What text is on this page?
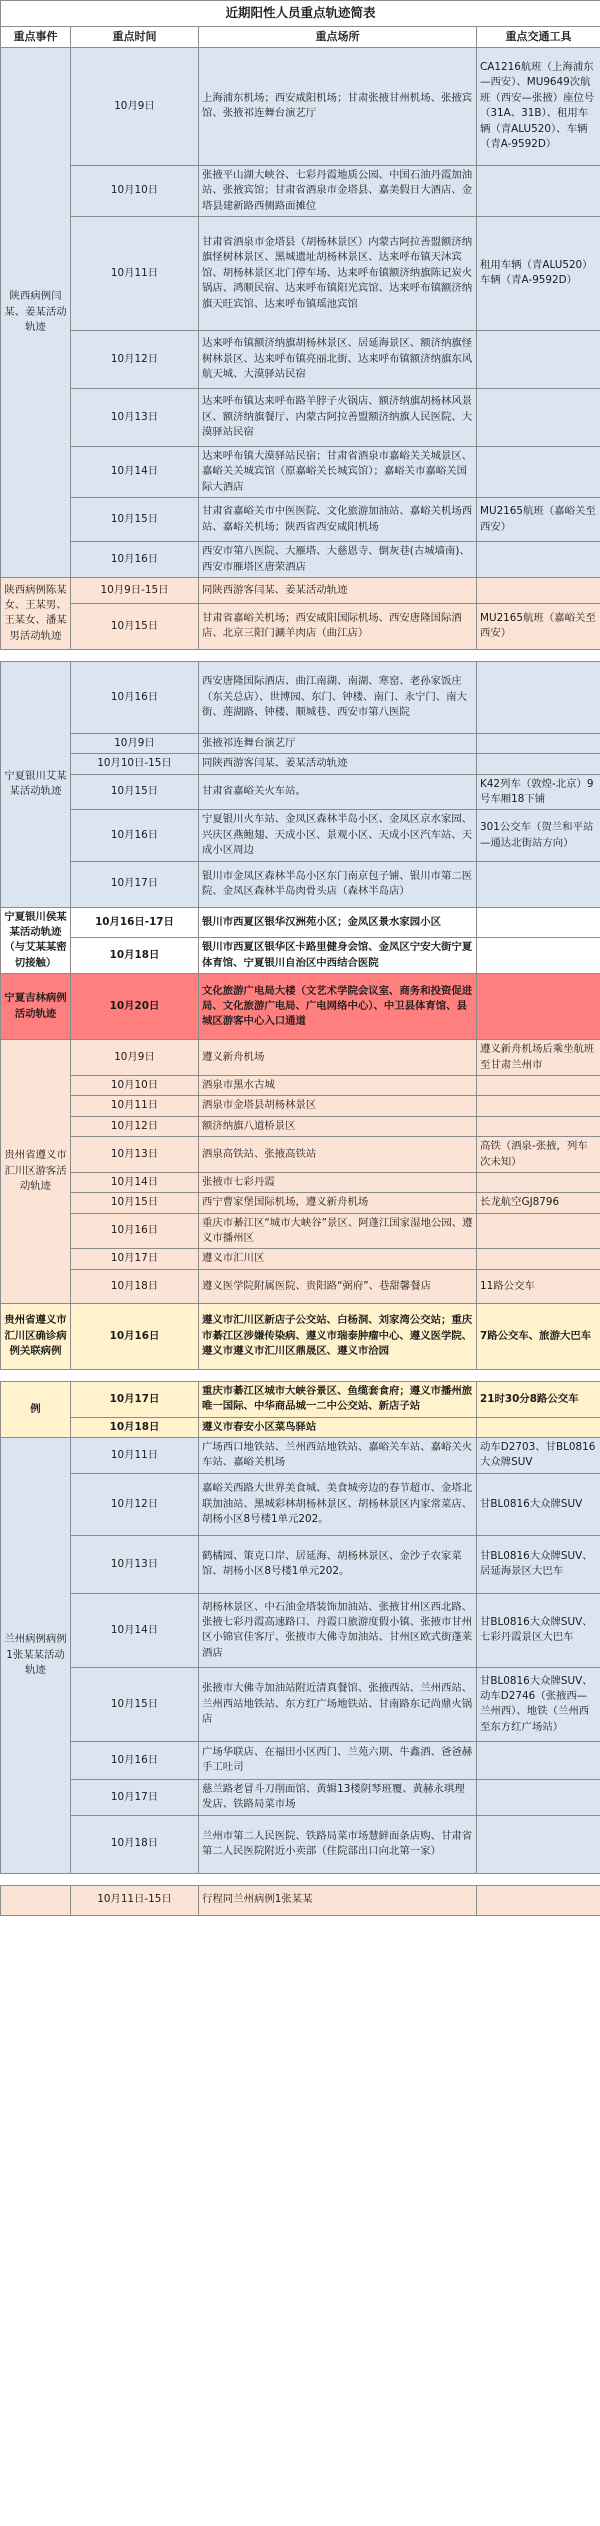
近期阳性人员重点轨迹简表			
重点事件	重点时间	重点场所	重点交通工具
陕西病例闫某、姜某活动轨迹	10月9日	上海浦东机场；西安咸阳机场；甘肃张掖甘州机场、张掖宾馆、张掖祁连舞台演艺厅	CA1216航班（上海浦东—西安）、MU9649次航班（西安—张掖）座位号（31A、31B）、租用车辆（青ALU520）、车辆（青A-9592D）
	10月10日	张掖平山湖大峡谷、七彩丹霞地质公园、中国石油丹霞加油站、张掖宾馆；甘肃省酒泉市金塔县、嘉美假日大酒店、金塔县建新路西侧路面摊位	
	10月11日	甘肃省酒泉市金塔县（胡杨林景区）内蒙古阿拉善盟额济纳旗怪树林景区、黑城遗址胡杨林景区、达来呼布镇天沐宾馆、胡杨林景区北门停车场、达来呼布镇额济纳旗陈记炭火锅店、鸿顺民宿、达来呼布镇阳光宾馆、达来呼布镇额济纳旗天旺宾馆、达来呼布镇瑶池宾馆	租用车辆（青ALU520）车辆（青A-9592D）
	10月12日	达来呼布镇额济纳旗胡杨林景区、居延海景区、额济纳旗怪树林景区、达来呼布镇亮丽北街、达来呼布镇额济纳旗东风航天城、大漠驿站民宿	
	10月13日	达来呼布镇达来呼布路羊脖子火锅店、额济纳旗胡杨林风景区、额济纳旗餐厅、内蒙古阿拉善盟额济纳旗人民医院、大漠驿站民宿	
	10月14日	达来呼布镇大漠驿站民宿；甘肃省酒泉市嘉峪关关城景区、嘉峪关关城宾馆（原嘉峪关长城宾馆）；嘉峪关市嘉峪关国际大酒店	
	10月15日	甘肃省嘉峪关市中医医院、文化旅游加油站、嘉峪关机场西站、嘉峪关机场；陕西省西安咸阳机场	MU2165航班（嘉峪关至西安）
	10月16日	西安市第八医院、大雁塔、大慈恩寺、倒灰巷(古城墙南)、西安市雁塔区唐荣酒店	
陕西病例陈某女、王某男、王某女、潘某男活动轨迹	10月9日-15日	同陕西游客闫某、姜某活动轨迹	
	10月15日	甘肃省嘉峪关机场；西安咸阳国际机场、西安唐隆国际酒店、北京三阳门涮羊肉店（曲江店）	MU2165航班（嘉峪关至西安）

宁夏银川艾某某活动轨迹	10月16日	西安唐隆国际酒店、曲江南湖、南湖、寒窑、老孙家饭庄（东关总店）、世博园、东门、钟楼、南门、永宁门、南大街、莲湖路、钟楼、顺城巷、西安市第八医院	
	10月9日	张掖祁连舞台演艺厅	
	10月10日-15日	同陕西游客闫某、姜某活动轨迹	
	10月15日	甘肃省嘉峪关火车站。	K42列车（敦煌-北京）9号车厢18下铺
	10月16日	宁夏银川火车站、金凤区森林半岛小区、金凤区京水家园、兴庆区燕鲍翅、天成小区、景观小区、天成小区汽车站、天成小区周边	301公交车（贺兰和平站—通达北街站方向）
	10月17日	银川市金凤区森林半岛小区东门南京包子铺、银川市第二医院、金凤区森林半岛肉骨头店（森林半岛店）	
宁夏银川侯某某活动轨迹（与艾某某密切接触）	10月16日-17日	银川市西夏区银华汉洲苑小区；金凤区景水家园小区	
	10月18日	银川市西夏区银华区卡路里健身会馆、金凤区宁安大街宁夏体育馆、宁夏银川自治区中西结合医院	
宁夏吉林病例活动轨迹	10月20日	文化旅游广电局大楼（文艺术学院会议室、商务和投资促进局、文化旅游广电局、广电网络中心）、中卫县体育馆、县城区游客中心入口通道	
贵州省遵义市汇川区游客活动轨迹	10月9日	遵义新舟机场	遵义新舟机场后乘坐航班至甘肃兰州市
	10月10日	酒泉市黑水古城	
	10月11日	酒泉市金塔县胡杨林景区	
	10月12日	额济纳旗八道桥景区	
	10月13日	酒泉高铁站、张掖高铁站	高铁（酒泉-张掖，列车次未知）
	10月14日	张掖市七彩丹霞	
	10月15日	西宁曹家堡国际机场，遵义新舟机场	长龙航空GJ8796
	10月16日	重庆市綦江区“城市大峡谷”景区、阿蓬江国家湿地公园、遵义市播州区	
	10月17日	遵义市汇川区	
	10月18日	遵义医学院附属医院、贵阳路“弼府”、巷甜馨餐店	11路公交车
贵州省遵义市汇川区确诊病例关联病例	10月16日	遵义市汇川区新店子公交站、白杨洞、刘家湾公交站；重庆市綦江区涉嫌传染病、遵义市瑞泰肿瘤中心、遵义医学院、遵义市遵义市汇川区鼎晟区、遵义市洽园	7路公交车、旅游大巴车

例	10月17日	重庆市綦江区城市大峡谷景区、鱼缆套食府；遵义市播州旅唯一国际、中华商品城一二中公交站、新店子站	21时30分8路公交车
	10月18日	遵义市春安小区菜鸟驿站	
兰州病例病例1张某某活动轨迹	10月11日	广场西口地铁站、兰州西站地铁站、嘉峪关车站、嘉峪关火车站、嘉峪关机场	动车D2703、甘BL0816大众牌SUV
	10月12日	嘉峪关西路大世界美食城、美食城旁边的春节超市、金塔北联加油站、黑城彩林胡杨林景区、胡杨林景区内家常菜店、胡杨小区8号楼1单元202。	甘BL0816大众牌SUV
	10月13日	鹤橘园、策克口岸、居延海、胡杨林景区、金沙子农家菜馆、胡杨小区8号楼1单元202。	甘BL0816大众牌SUV、居延海景区大巴车
	10月14日	胡杨林景区、中石油金塔装饰加油站、张掖甘州区西北路、张掖七彩丹霞高速路口、丹霞口旅游度假小镇、张掖市甘州区小锦官佳客厅、张掖市大佛寺加油站、甘州区欧式街蓬莱酒店	甘BL0816大众牌SUV、七彩丹霞景区大巴车
	10月15日	张掖市大佛寺加油站附近清真餐馆、张掖西站、兰州西站、兰州西站地铁站、东方红广场地铁站、甘南路东记尚鼎火锅店	甘BL0816大众牌SUV、动车D2746（张掖西—兰州西）、地铁（兰州西至东方红广场站）
	10月16日	广场华联店、在福田小区西门、兰苑六期、牛鑫酒、爸爸赫手工吐司	
	10月17日	慈兰路老冒斗刀削面馆、黄辑13楼阴琴班覆、黄赫永琪理发店、铁路局菜市场	
	10月18日	兰州市第二人民医院、铁路局菜市场慧鲜面条店购、甘肃省第二人民医院附近小卖部（住院部出口向北第一家）	

	10月11日-15日	行程同兰州病例1张某某	
